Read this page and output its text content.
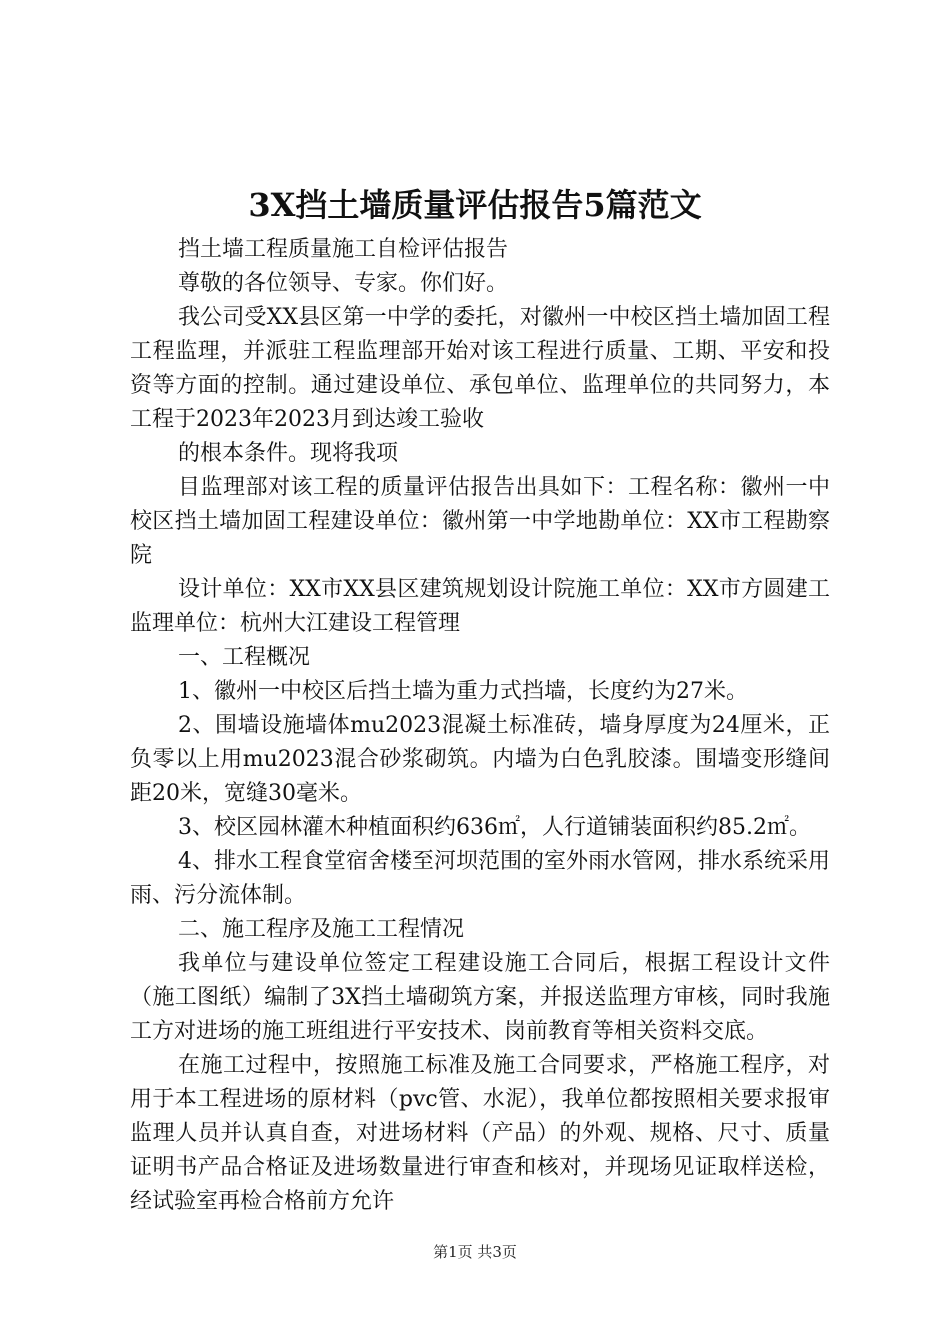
3X挡土墙质量评估报告5篇范文

挡土墙工程质量施工自检评估报告

尊敬的各位领导、专家。你们好。

我公司受XX县区第一中学的委托，对徽州一中校区挡土墙加固工程工程监理，并派驻工程监理部开始对该工程进行质量、工期、平安和投资等方面的控制。通过建设单位、承包单位、监理单位的共同努力，本工程于2023年2023月到达竣工验收

的根本条件。现将我项

目监理部对该工程的质量评估报告出具如下：工程名称：徽州一中校区挡土墙加固工程建设单位：徽州第一中学地勘单位：XX市工程勘察院

设计单位：XX市XX县区建筑规划设计院施工单位：XX市方圆建工监理单位：杭州大江建设工程管理

一、工程概况

1、徽州一中校区后挡土墙为重力式挡墙，长度约为27米。

2、围墙设施墙体mu2023混凝土标准砖，墙身厚度为24厘米，正负零以上用mu2023混合砂浆砌筑。内墙为白色乳胶漆。围墙变形缝间距20米，宽缝30毫米。

3、校区园林灌木种植面积约636㎡，人行道铺装面积约85.2㎡。

4、排水工程食堂宿舍楼至河坝范围的室外雨水管网，排水系统采用雨、污分流体制。

二、施工程序及施工工程情况

我单位与建设单位签定工程建设施工合同后，根据工程设计文件（施工图纸）编制了3X挡土墙砌筑方案，并报送监理方审核，同时我施工方对进场的施工班组进行平安技术、岗前教育等相关资料交底。

在施工过程中，按照施工标准及施工合同要求，严格施工程序，对用于本工程进场的原材料（pvc管、水泥），我单位都按照相关要求报审监理人员并认真自查，对进场材料（产品）的外观、规格、尺寸、质量证明书产品合格证及进场数量进行审查和核对，并现场见证取样送检，经试验室再检合格前方允许

第1页 共3页
